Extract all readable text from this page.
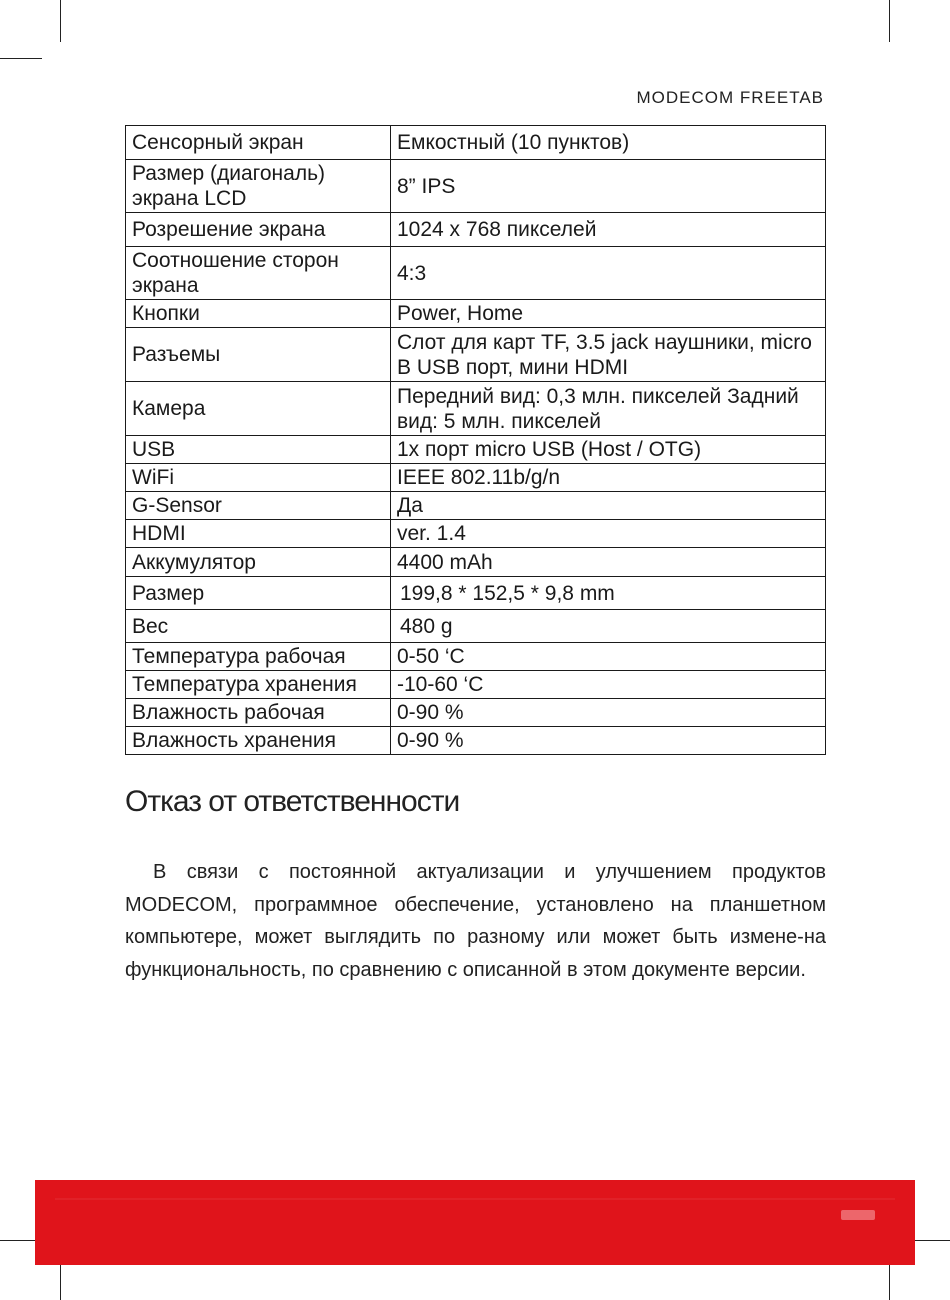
MODECOM FREETAB
Сенсорный экран	Емкостный (10 пунктов)
Размер (диагональ) экрана LCD	8” IPS
Розрешение экрана	1024 x 768 пикселей
Соотношение сторон экрана	4:3
Кнопки	Power, Home
Разъемы	Слот для карт TF, 3.5 jack наушники, micro B USB порт, мини HDMI
Камера	Передний вид: 0,3 млн. пикселей Задний вид: 5 млн. пикселей
USB	1x порт micro USB (Host / OTG)
WiFi	IEEE 802.11b/g/n
G-Sensor	Да
HDMI	ver. 1.4
Аккумулятор	4400 mAh
Размер	199,8 * 152,5 * 9,8 mm
Вес	480 g
Температура рабочая	0-50 ‘C
Температура хранения	-10-60 ‘C
Влажность рабочая	0-90 %
Влажность хранения	0-90 %
Отказ от ответственности

В связи с постоянной актуализации и улучшением продуктов MODECOM, программное обеспечение, установлено на планшетном компьютере, может выглядить по разному или может быть измене-на функциональность, по сравнению с описанной в этом документе версии.
